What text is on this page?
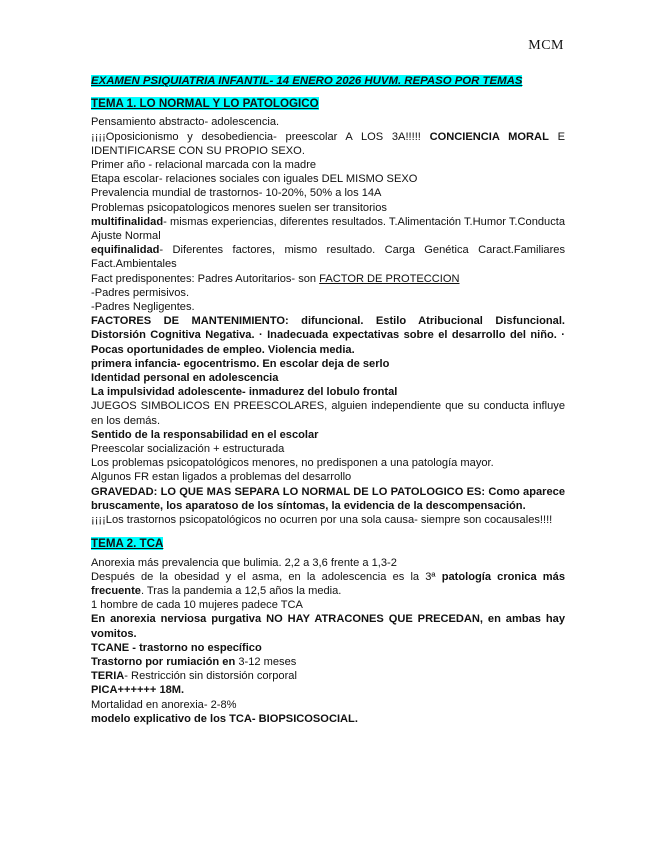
MCM
EXAMEN PSIQUIATRIA INFANTIL- 14 ENERO 2026 HUVM. REPASO POR TEMAS
TEMA 1. LO NORMAL Y LO PATOLOGICO
Pensamiento abstracto- adolescencia.
¡¡¡¡Oposicionismo y desobediencia- preescolar A LOS 3A!!!!! CONCIENCIA MORAL E IDENTIFICARSE CON SU PROPIO SEXO.
Primer año - relacional marcada con la madre
Etapa escolar- relaciones sociales con iguales DEL MISMO SEXO
Prevalencia mundial de trastornos- 10-20%, 50% a los 14A
Problemas psicopatologicos menores suelen ser transitorios
multifinalidad- mismas experiencias, diferentes resultados. T.Alimentación T.Humor T.Conducta Ajuste Normal
equifinalidad- Diferentes factores, mismo resultado. Carga Genética Caract.Familiares Fact.Ambientales
Fact predisponentes: Padres Autoritarios- son FACTOR DE PROTECCION
-Padres permisivos.
-Padres Negligentes.
FACTORES DE MANTENIMIENTO: difuncional. Estilo Atribucional Disfuncional. Distorsión Cognitiva Negativa. · Inadecuada expectativas sobre el desarrollo del niño. · Pocas oportunidades de empleo. Violencia media.
primera infancia- egocentrismo. En escolar deja de serlo
Identidad personal en adolescencia
La impulsividad adolescente- inmadurez del lobulo frontal
JUEGOS SIMBOLICOS EN PREESCOLARES, alguien independiente que su conducta influye en los demás.
Sentido de la responsabilidad en el escolar
Preescolar socialización + estructurada
Los problemas psicopatológicos menores, no predisponen a una patología mayor.
Algunos FR estan ligados a problemas del desarrollo
GRAVEDAD: LO QUE MAS SEPARA LO NORMAL DE LO PATOLOGICO ES: Como aparece bruscamente, los aparatoso de los síntomas, la evidencia de la descompensación.
¡¡¡¡Los trastornos psicopatológicos no ocurren por una sola causa- siempre son cocausales!!!!
TEMA 2. TCA
Anorexia más prevalencia que bulimia. 2,2 a 3,6 frente a 1,3-2
Después de la obesidad y el asma, en la adolescencia es la 3ª patología cronica más frecuente. Tras la pandemia a 12,5 años la media.
1 hombre de cada 10 mujeres padece TCA
En anorexia nerviosa purgativa NO HAY ATRACONES QUE PRECEDAN, en ambas hay vomitos.
TCANE - trastorno no específico
Trastorno por rumiación en 3-12 meses
TERIA- Restricción sin distorsión corporal
PICA++++++ 18M.
Mortalidad en anorexia- 2-8%
modelo explicativo de los TCA- BIOPSICOSOCIAL.
